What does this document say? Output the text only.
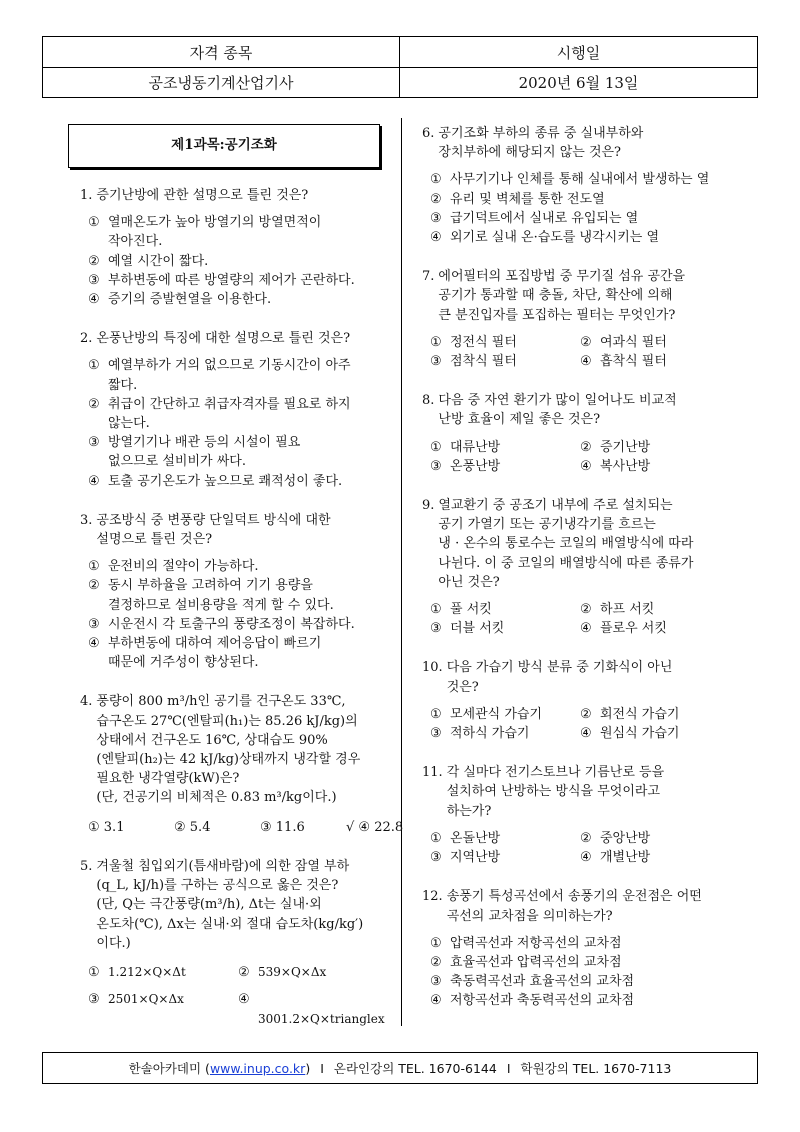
자격 종목	시행일
공조냉동기계산업기사	2020년 6월 13일
제1과목:공기조화
1. 증기난방에 관한 설명으로 틀린 것은?
① 열매온도가 높아 방열기의 방열면적이
작아진다.
② 예열 시간이 짧다.
③ 부하변동에 따른 방열량의 제어가 곤란하다.
④ 증기의 증발현열을 이용한다.
2. 온풍난방의 특징에 대한 설명으로 틀린 것은?
① 예열부하가 거의 없으므로 기동시간이 아주
짧다.
② 취급이 간단하고 취급자격자를 필요로 하지
않는다.
③ 방열기기나 배관 등의 시설이 필요
없으므로 설비비가 싸다.
④ 토출 공기온도가 높으므로 쾌적성이 좋다.
3. 공조방식 중 변풍량 단일덕트 방식에 대한
설명으로 틀린 것은?
① 운전비의 절약이 가능하다.
② 동시 부하율을 고려하여 기기 용량을
결정하므로 설비용량을 적게 할 수 있다.
③ 시운전시 각 토출구의 풍량조정이 복잡하다.
④ 부하변동에 대하여 제어응답이 빠르기
때문에 거주성이 향상된다.
4. 풍량이 800 m³/h인 공기를 건구온도 33℃,
습구온도 27℃(엔탈피(h₁)는 85.26 kJ/kg)의
상태에서 건구온도 16℃, 상대습도 90%
(엔탈피(h₂)는 42 kJ/kg)상태까지 냉각할 경우
필요한 냉각열량(kW)은?
(단, 건공기의 비체적은 0.83 m³/kg이다.)
① 3.1	② 5.4	③ 11.6	√ ④ 22.8
5. 겨울철 침입외기(틈새바람)에 의한 잠열 부하
(q_L, kJ/h)를 구하는 공식으로 옳은 것은?
(단, Q는 극간풍량(m³/h), Δt는 실내·외
온도차(℃), Δx는 실내·외 절대 습도차(kg/kg′)
이다.)
① 1.212×Q×Δt	② 539×Q×Δx
③ 2501×Q×Δx	④
3001.2×Q×trianglex
6. 공기조화 부하의 종류 중 실내부하와
장치부하에 해당되지 않는 것은?
① 사무기기나 인체를 통해 실내에서 발생하는 열
② 유리 및 벽체를 통한 전도열
③ 급기덕트에서 실내로 유입되는 열
④ 외기로 실내 온·습도를 냉각시키는 열
7. 에어필터의 포집방법 중 무기질 섬유 공간을
공기가 통과할 때 충돌, 차단, 확산에 의해
큰 분진입자를 포집하는 필터는 무엇인가?
① 정전식 필터	② 여과식 필터
③ 점착식 필터	④ 흡착식 필터
8. 다음 중 자연 환기가 많이 일어나도 비교적
난방 효율이 제일 좋은 것은?
① 대류난방	② 증기난방
③ 온풍난방	④ 복사난방
9. 열교환기 중 공조기 내부에 주로 설치되는
공기 가열기 또는 공기냉각기를 흐르는
냉 · 온수의 통로수는 코일의 배열방식에 따라
나뉜다. 이 중 코일의 배열방식에 따른 종류가
아닌 것은?
① 풀 서킷	② 하프 서킷
③ 더블 서킷	④ 플로우 서킷
10. 다음 가습기 방식 분류 중 기화식이 아닌
것은?
① 모세관식 가습기	② 회전식 가습기
③ 적하식 가습기	④ 원심식 가습기
11. 각 실마다 전기스토브나 기름난로 등을
설치하여 난방하는 방식을 무엇이라고
하는가?
① 온돌난방	② 중앙난방
③ 지역난방	④ 개별난방
12. 송풍기 특성곡선에서 송풍기의 운전점은 어떤
곡선의 교차점을 의미하는가?
① 압력곡선과 저항곡선의 교차점
② 효율곡선과 압력곡선의 교차점
③ 축동력곡선과 효율곡선의 교차점
④ 저항곡선과 축동력곡선의 교차점
한솔아카데미 ( www.inup.co.kr ) I 온라인강의 TEL. 1670-6144 I 학원강의 TEL. 1670-7113
